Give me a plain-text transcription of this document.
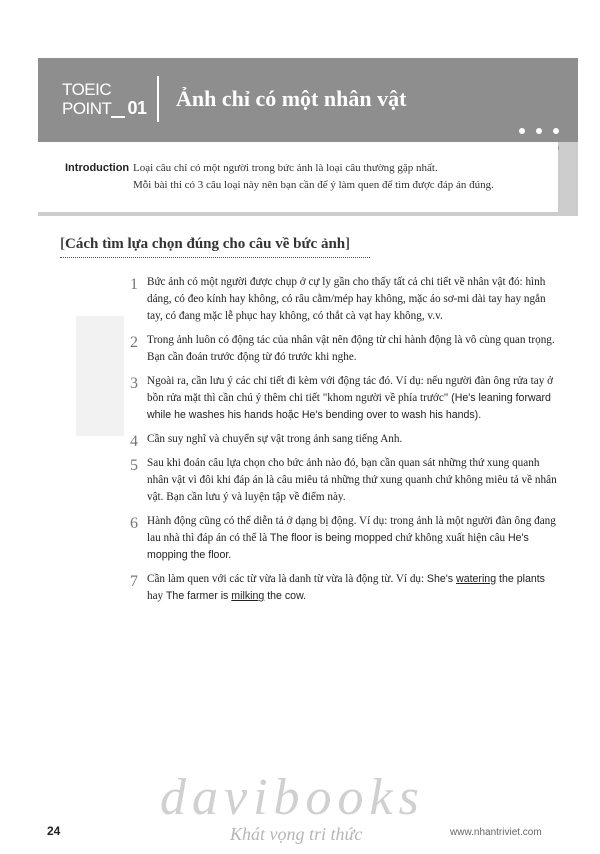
TOEIC
POINT 01	Ảnh chỉ có một nhân vật
Introduction Loại câu chỉ có một người trong bức ảnh là loại câu thường gặp nhất.
Mỗi bài thi có 3 câu loại này nên bạn cần để ý làm quen để tìm được đáp án đúng.
[Cách tìm lựa chọn đúng cho câu về bức ảnh]
1 Bức ảnh có một người được chụp ở cự ly gần cho thấy tất cả chi tiết về nhân vật đó: hình dáng, có đeo kính hay không, có râu cằm/mép hay không, mặc áo sơ-mi dài tay hay ngắn tay, có đang mặc lễ phục hay không, có thắt cà vạt hay không, v.v.
2 Trong ảnh luôn có động tác của nhân vật nên động từ chỉ hành động là vô cùng quan trọng. Bạn cần đoán trước động từ đó trước khi nghe.
3 Ngoài ra, cần lưu ý các chi tiết đi kèm với động tác đó. Ví dụ: nếu người đàn ông rửa tay ở bồn rửa mặt thì cần chú ý thêm chi tiết "khom người về phía trước" (He's leaning forward while he washes his hands hoặc He's bending over to wash his hands).
4 Cần suy nghĩ và chuyển sự vật trong ảnh sang tiếng Anh.
5 Sau khi đoán câu lựa chọn cho bức ảnh nào đó, bạn cần quan sát những thứ xung quanh nhân vật vì đôi khi đáp án là câu miêu tả những thứ xung quanh chứ không miêu tả về nhân vật. Bạn cần lưu ý và luyện tập về điểm này.
6 Hành động cũng có thể diễn tả ở dạng bị động. Ví dụ: trong ảnh là một người đàn ông đang lau nhà thì đáp án có thể là The floor is being mopped chứ không xuất hiện câu He's mopping the floor.
7 Cần làm quen với các từ vừa là danh từ vừa là động từ. Ví dụ: She's watering the plants hay The farmer is milking the cow.
davibooks
Khát vọng tri thức
24	www.nhantriviet.com
